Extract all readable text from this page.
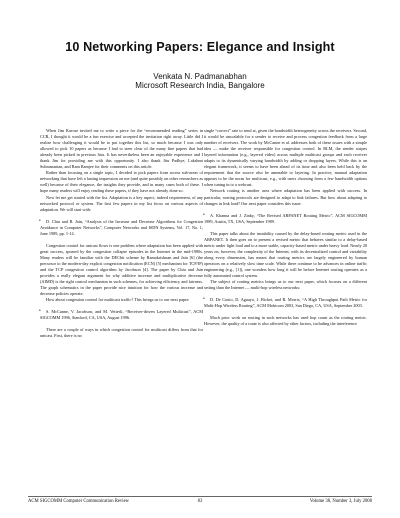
10 Networking Papers: Elegance and Insight
Venkata N. Padmanabhan
Microsoft Research India, Bangalore

When Jim Kurose invited me to write a piece for the “recommended reading” series in CCR, I thought it would be a fun exercise and accepted the invitation right away. Little did I realize how challenging it would be to put together this list, so much because I was only allowed to pick 10 papers as because I had to steer clear of the many fine papers that had already been picked in previous lists. It has nevertheless been an enjoyable experience and I thank Jim for providing me with this opportunity. I also thank Jitu Padhye, Lakshmi Subramanian, and Ram Ramjee for their comments on this article.

Rather than focusing on a single topic, I decided to pick papers from across sub-areas of networking that have left a lasting impression on me (and quite possibly on other researchers as well) because of their elegance, the insights they provide, and in many cases both of these. I hope many readers will enjoy reading these papers, if they have not already done so.

Now let me get started with the list. Adaptation is a key aspect, indeed requirement, of any networked protocol or system. The first few papers in my list focus on various aspects of adaptation. We will start with:

• D. Chiu and R. Jain, “Analysis of the Increase and Decrease Algorithms for Congestion Avoidance in Computer Networks”, Computer Networks and ISDN Systems, Vol. 17, No. 1, June 1989, pp. 1-14.

Congestion control for unicast flows is one problem where adaptation has been applied with great success, spurred by the congestion collapse episodes in the Internet in the mid-1980s. Many readers will be familiar with the DECbit scheme by Ramakrishnan and Jain [6] (the precursor to the modern-day explicit congestion notification (ECN) [5] mechanism for TCP/IP) and the TCP congestion control algorithm by Jacobson [4]. The paper by Chiu and Jain provides a really elegant argument for why additive increase and multiplicative decrease (AIMD) is the right control mechanism in such schemes, for achieving efficiency and fairness. The graph schematics in the paper provide nice intuition for how the various increase and decrease policies operate.

How about congestion control for multicast traffic? This brings us to our next paper:

• S. McCanne, V. Jacobson, and M. Vetterli, “Receiver-driven Layered Multicast”, ACM SIGCOMM 1996, Stanford, CA, USA, August 1996.

There are a couple of ways in which congestion control for multicast differs from that for unicast. First, there is no

single “correct” rate to send at, given the bandwidth heterogeneity across the receivers. Second, it would be unscalable for a sender to receive and process congestion feedback from a large number of receivers. The work by McCanne et al. addresses both of these issues with a simple idea — make the receiver responsible for congestion control. In RLM, the sender stripes layered information (e.g., layered video) across multiple multicast groups and each receiver adapts to its dynamically varying bandwidth by adding or dropping layers. While this is an elegant framework, it seems to have been ahead of its time and also been held back by the requirement that the source also be amenable to layering. In practice, manual adaptation appears to be the norm for multicast, e.g., with users choosing from a few bandwidth options when tuning in to a webcast.

Network routing is another area where adaptation has been applied with success. In particular, routing protocols are designed to adapt to link failures. But how about adapting to changes in link load? Our next paper considers this issue:

• A. Khanna and J. Zinky, “The Revised ARPANET Routing Metric”, ACM SIGCOMM 1989, Austin, TX, USA, September 1989.

This paper talks about the instability caused by the delay-based routing metric used in the ARPANET. It then goes on to present a revised metric that behaves similar to a delay-based metric under light load and to a more stable, capacity-based metric under heavy load. Nearly 20 years on, however, the complexity of the Internet, with its decentralized control and variability along every dimension, has meant that routing metrics are largely engineered by human operators on a relatively slow time scale. While there continue to be advances in online traffic engineering (e.g., [1]), one wonders how long it will be before Internet routing operates as a fully automated control system.

The subject of routing metrics brings us to our next paper, which focuses on a different setting than the Internet — multi-hop wireless networks:

• D. De Couto, D. Aguayo, J. Bicket, and R. Morris, “A High Throughput Path Metric for Multi-Hop Wireless Routing”, ACM Mobicom 2003, San Diego, CA, USA, September 2003.

Much prior work on routing in such networks has used hop count as the routing metric. However, the quality of a route is also affected by other factors, including the interference

ACM SIGCOMM Computer Communication Review	83	Volume 38, Number 3, July 2008
